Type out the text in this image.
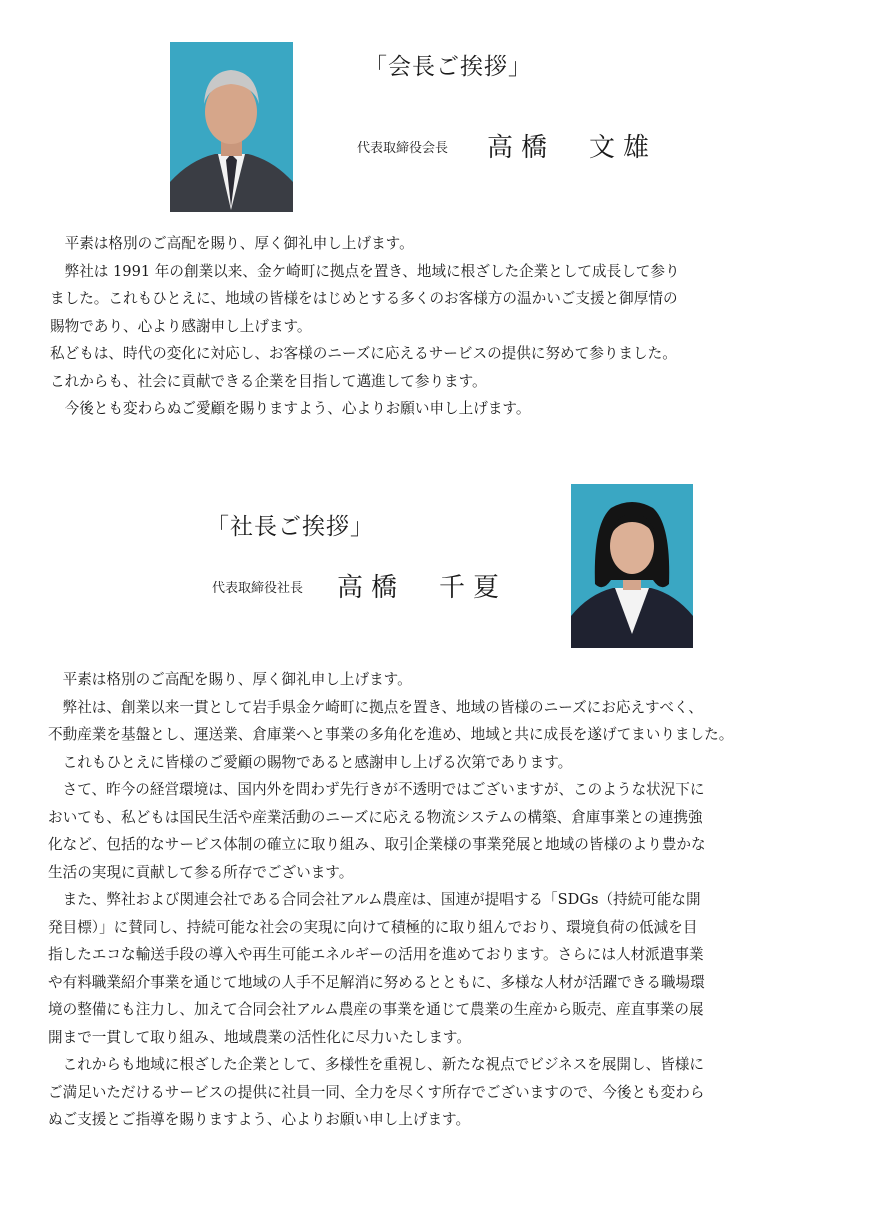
「会長ご挨拶」
代表取締役会長 高橋　文雄

　平素は格別のご高配を賜り、厚く御礼申し上げます。

　弊社は 1991 年の創業以来、金ケ崎町に拠点を置き、地域に根ざした企業として成長して参り

ました。これもひとえに、地域の皆様をはじめとする多くのお客様方の温かいご支援と御厚情の

賜物であり、心より感謝申し上げます。

私どもは、時代の変化に対応し、お客様のニーズに応えるサービスの提供に努めて参りました。

これからも、社会に貢献できる企業を目指して邁進して参ります。

　今後とも変わらぬご愛顧を賜りますよう、心よりお願い申し上げます。

「社長ご挨拶」
代表取締役社長 高橋　千夏

　平素は格別のご高配を賜り、厚く御礼申し上げます。

　弊社は、創業以来一貫として岩手県金ケ崎町に拠点を置き、地域の皆様のニーズにお応えすべく、

不動産業を基盤とし、運送業、倉庫業へと事業の多角化を進め、地域と共に成長を遂げてまいりました。

　これもひとえに皆様のご愛顧の賜物であると感謝申し上げる次第であります。

　さて、昨今の経営環境は、国内外を問わず先行きが不透明ではございますが、このような状況下に

おいても、私どもは国民生活や産業活動のニーズに応える物流システムの構築、倉庫事業との連携強

化など、包括的なサービス体制の確立に取り組み、取引企業様の事業発展と地域の皆様のより豊かな

生活の実現に貢献して参る所存でございます。

　また、弊社および関連会社である合同会社アルム農産は、国連が提唱する「SDGs（持続可能な開

発目標）」に賛同し、持続可能な社会の実現に向けて積極的に取り組んでおり、環境負荷の低減を目

指したエコな輸送手段の導入や再生可能エネルギーの活用を進めております。さらには人材派遣事業

や有料職業紹介事業を通じて地域の人手不足解消に努めるとともに、多様な人材が活躍できる職場環

境の整備にも注力し、加えて合同会社アルム農産の事業を通じて農業の生産から販売、産直事業の展

開まで一貫して取り組み、地域農業の活性化に尽力いたします。

　これからも地域に根ざした企業として、多様性を重視し、新たな視点でビジネスを展開し、皆様に

ご満足いただけるサービスの提供に社員一同、全力を尽くす所存でございますので、今後とも変わら

ぬご支援とご指導を賜りますよう、心よりお願い申し上げます。
